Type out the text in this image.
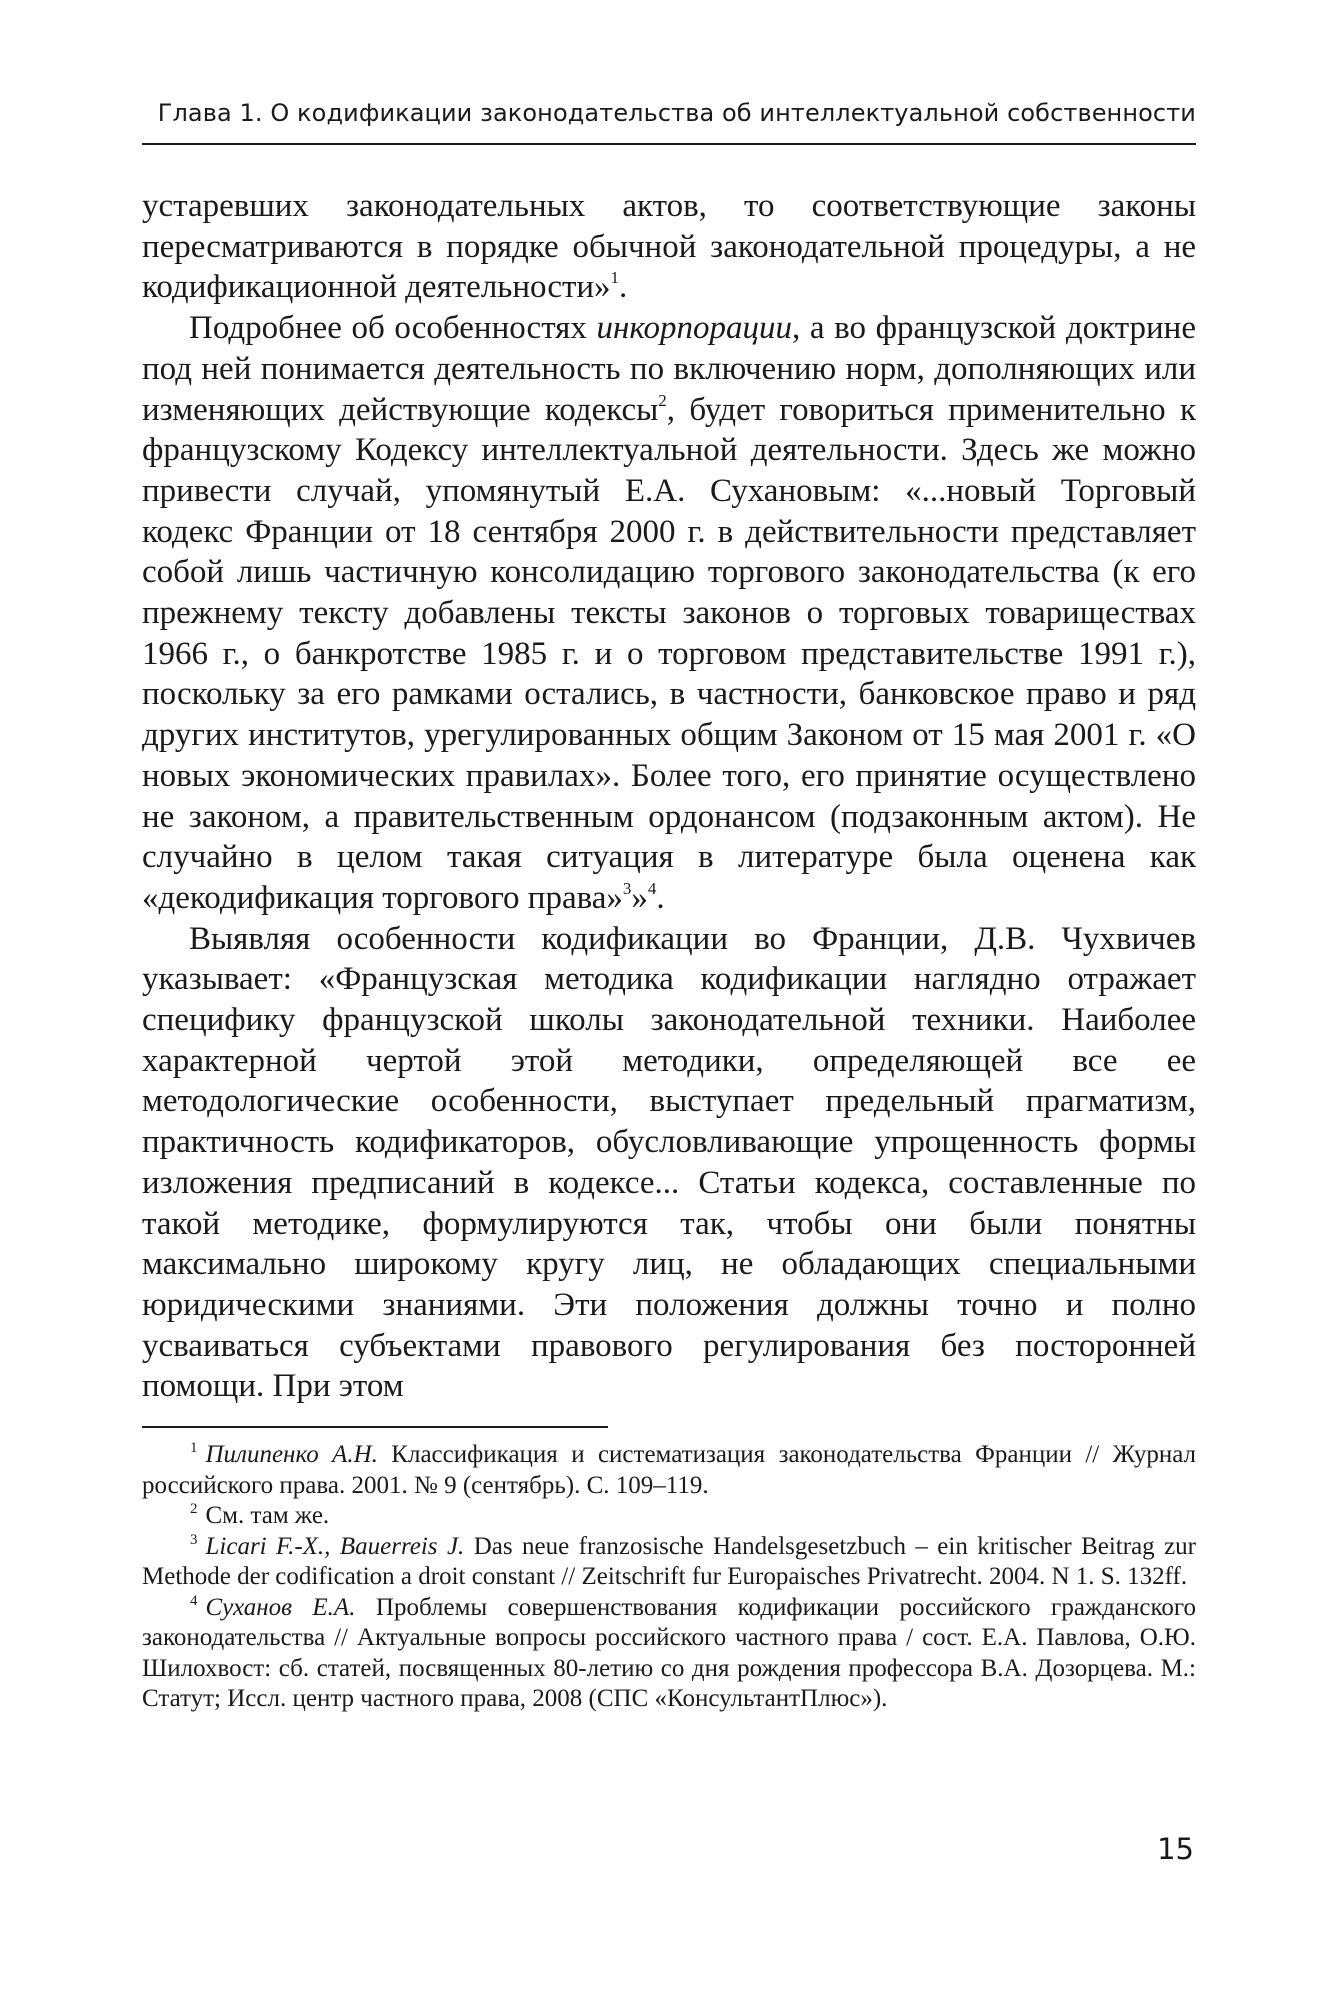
Глава 1. О кодификации законодательства об интеллектуальной собственности

устаревших законодательных актов, то соответствующие законы пересматриваются в порядке обычной законодательной процедуры, а не кодификационной деятельности»$^1$.

Подробнее об особенностях инкорпорации, а во французской доктрине под ней понимается деятельность по включению норм, дополняющих или изменяющих действующие кодексы$^2$, будет говориться применительно к французскому Кодексу интеллектуальной деятельности. Здесь же можно привести случай, упомянутый Е.А. Сухановым: «...новый Торговый кодекс Франции от 18 сентября 2000 г. в действительности представляет собой лишь частичную консолидацию торгового законодательства (к его прежнему тексту добавлены тексты законов о торговых товариществах 1966 г., о банкротстве 1985 г. и о торговом представительстве 1991 г.), поскольку за его рамками остались, в частности, банковское право и ряд других институтов, урегулированных общим Законом от 15 мая 2001 г. «О новых экономических правилах». Более того, его принятие осуществлено не законом, а правительственным ордонансом (подзаконным актом). Не случайно в целом такая ситуация в литературе была оценена как «декодификация торгового права»$^3$»$^4$.

Выявляя особенности кодификации во Франции, Д.В. Чухвичев указывает: «Французская методика кодификации наглядно отражает специфику французской школы законодательной техники. Наиболее характерной чертой этой методики, определяющей все ее методологические особенности, выступает предельный прагматизм, практичность кодификаторов, обусловливающие упрощенность формы изложения предписаний в кодексе... Статьи кодекса, составленные по такой методике, формулируются так, чтобы они были понятны максимально широкому кругу лиц, не обладающих специальными юридическими знаниями. Эти положения должны точно и полно усваиваться субъектами правового регулирования без посторонней помощи. При этом

$^1$ Пилипенко А.Н. Классификация и систематизация законодательства Франции // Журнал российского права. 2001. № 9 (сентябрь). С. 109–119.

$^2$ См. там же.

$^3$ Licari F.-X., Bauerreis J. Das neue franzosische Handelsgesetzbuch – ein kritischer Beitrag zur Methode der codification a droit constant // Zeitschrift fur Europaisches Privatrecht. 2004. N 1. S. 132ff.

$^4$ Суханов Е.А. Проблемы совершенствования кодификации российского гражданского законодательства // Актуальные вопросы российского частного права / сост. Е.А. Павлова, О.Ю. Шилохвост: сб. статей, посвященных 80-летию со дня рождения профессора В.А. Дозорцева. М.: Статут; Иссл. центр частного права, 2008 (СПС «КонсультантПлюс»).

15
